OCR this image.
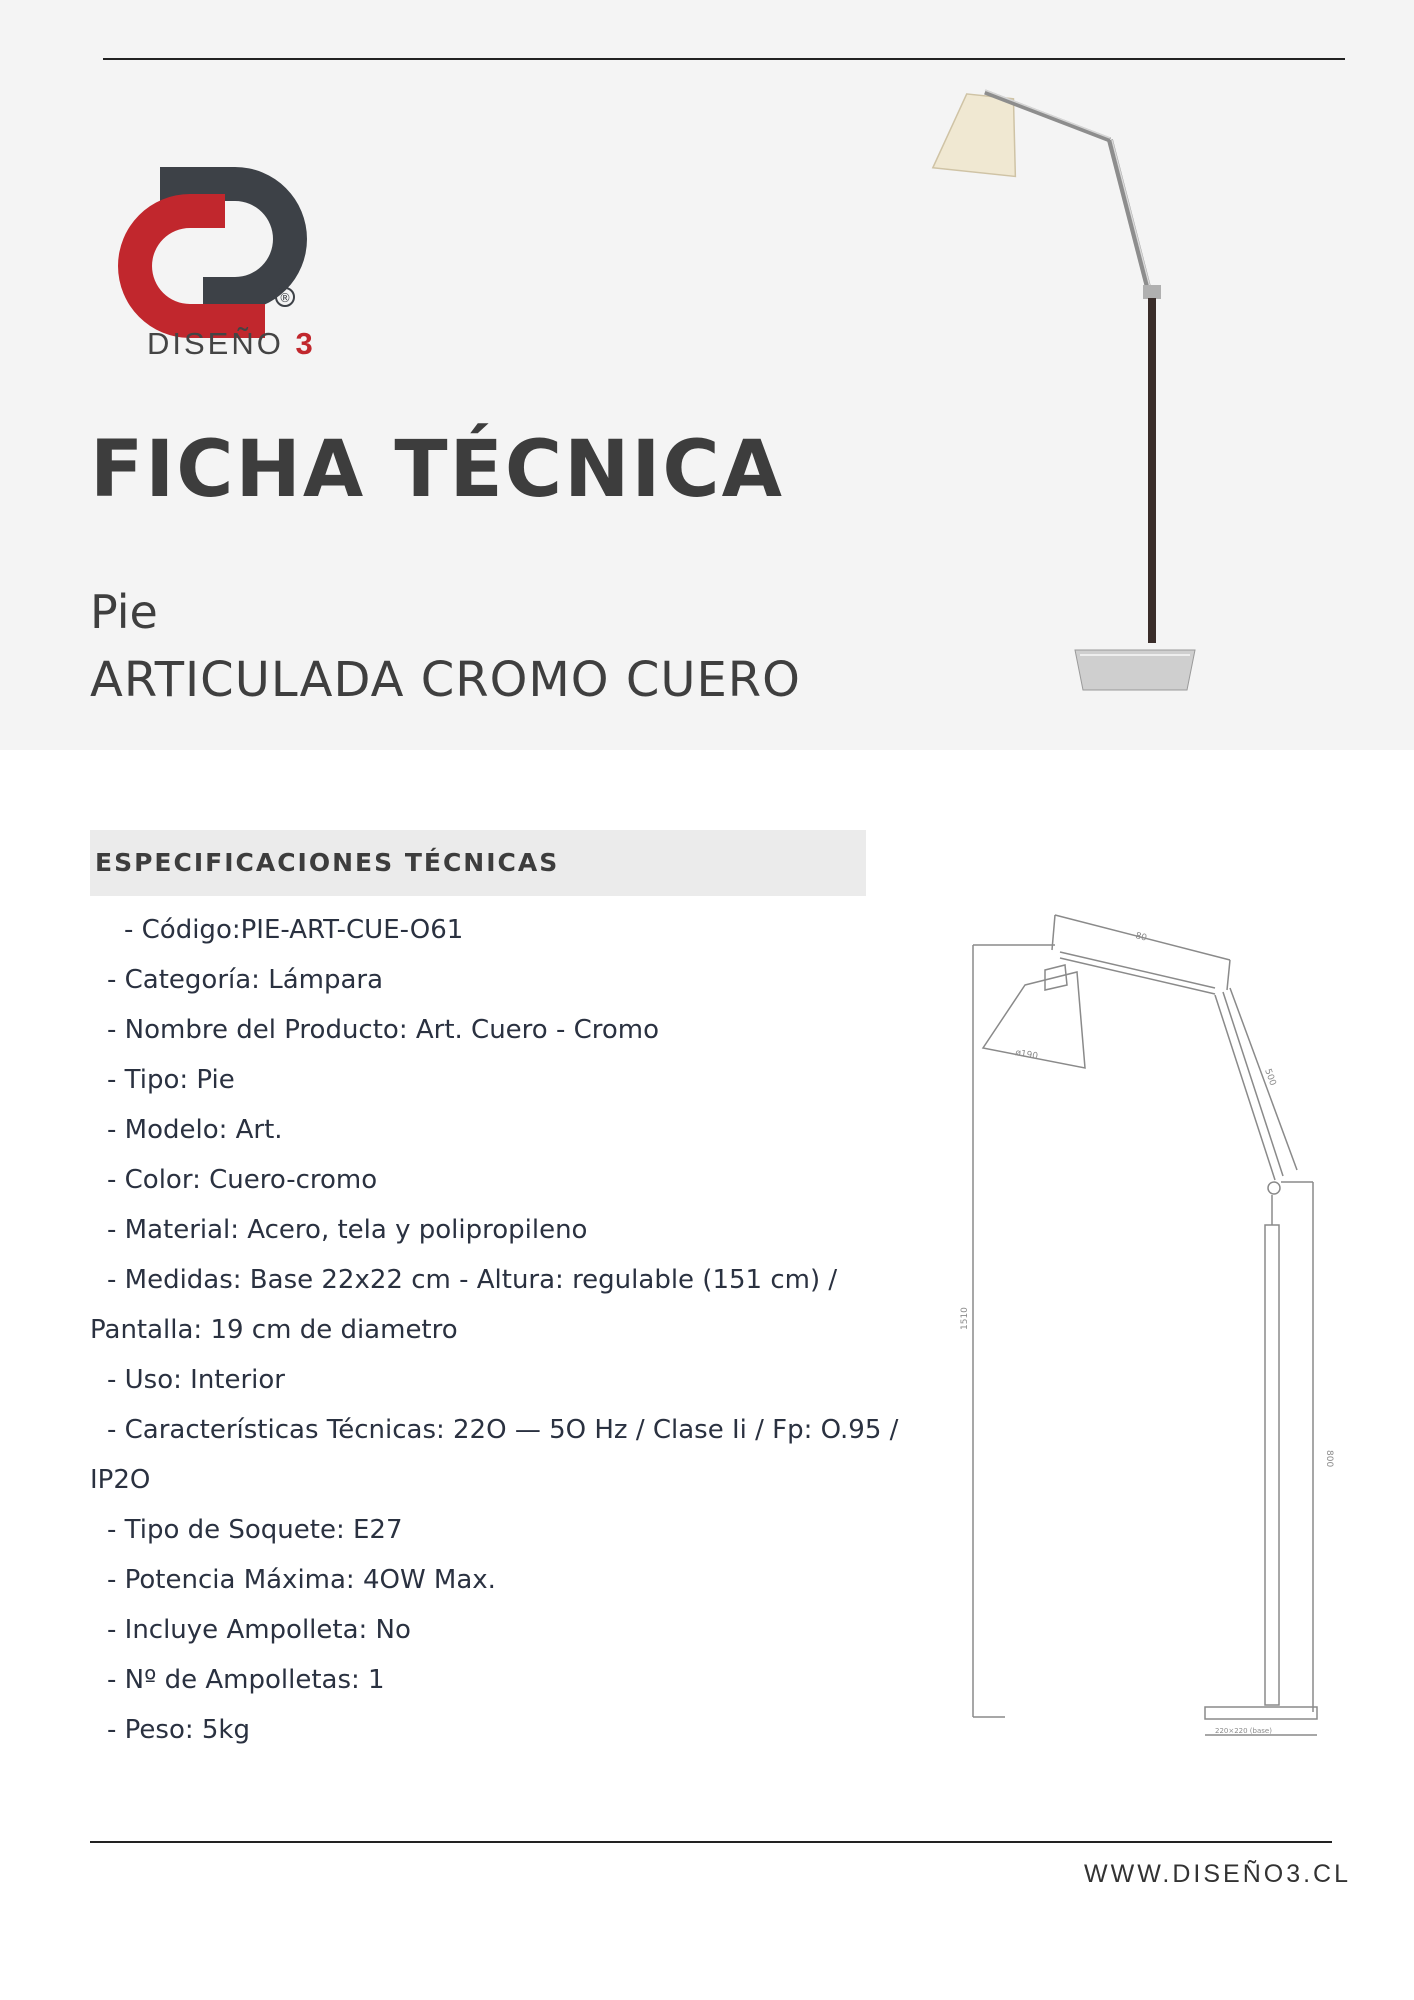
®
DISEÑO 3
FICHA TÉCNICA
Pie
ARTICULADA CROMO CUERO
ESPECIFICACIONES TÉCNICAS
- Código:PIE-ART-CUE-O61
- Categoría: Lámpara
- Nombre del Producto: Art. Cuero - Cromo
- Tipo: Pie
- Modelo: Art.
- Color: Cuero-cromo
- Material: Acero, tela y polipropileno
- Medidas: Base 22x22 cm - Altura: regulable (151 cm) /
Pantalla: 19 cm de diametro
- Uso: Interior
- Características Técnicas: 22O — 5O Hz / Clase Ii / Fp: O.95 /
IP2O
- Tipo de Soquete: E27
- Potencia Máxima: 4OW Max.
- Incluye Ampolleta: No
- Nº de Ampolletas: 1
- Peso: 5kg
80
ø190
500
1510
800
220×220 (base)
WWW.DISEÑO3.CL
